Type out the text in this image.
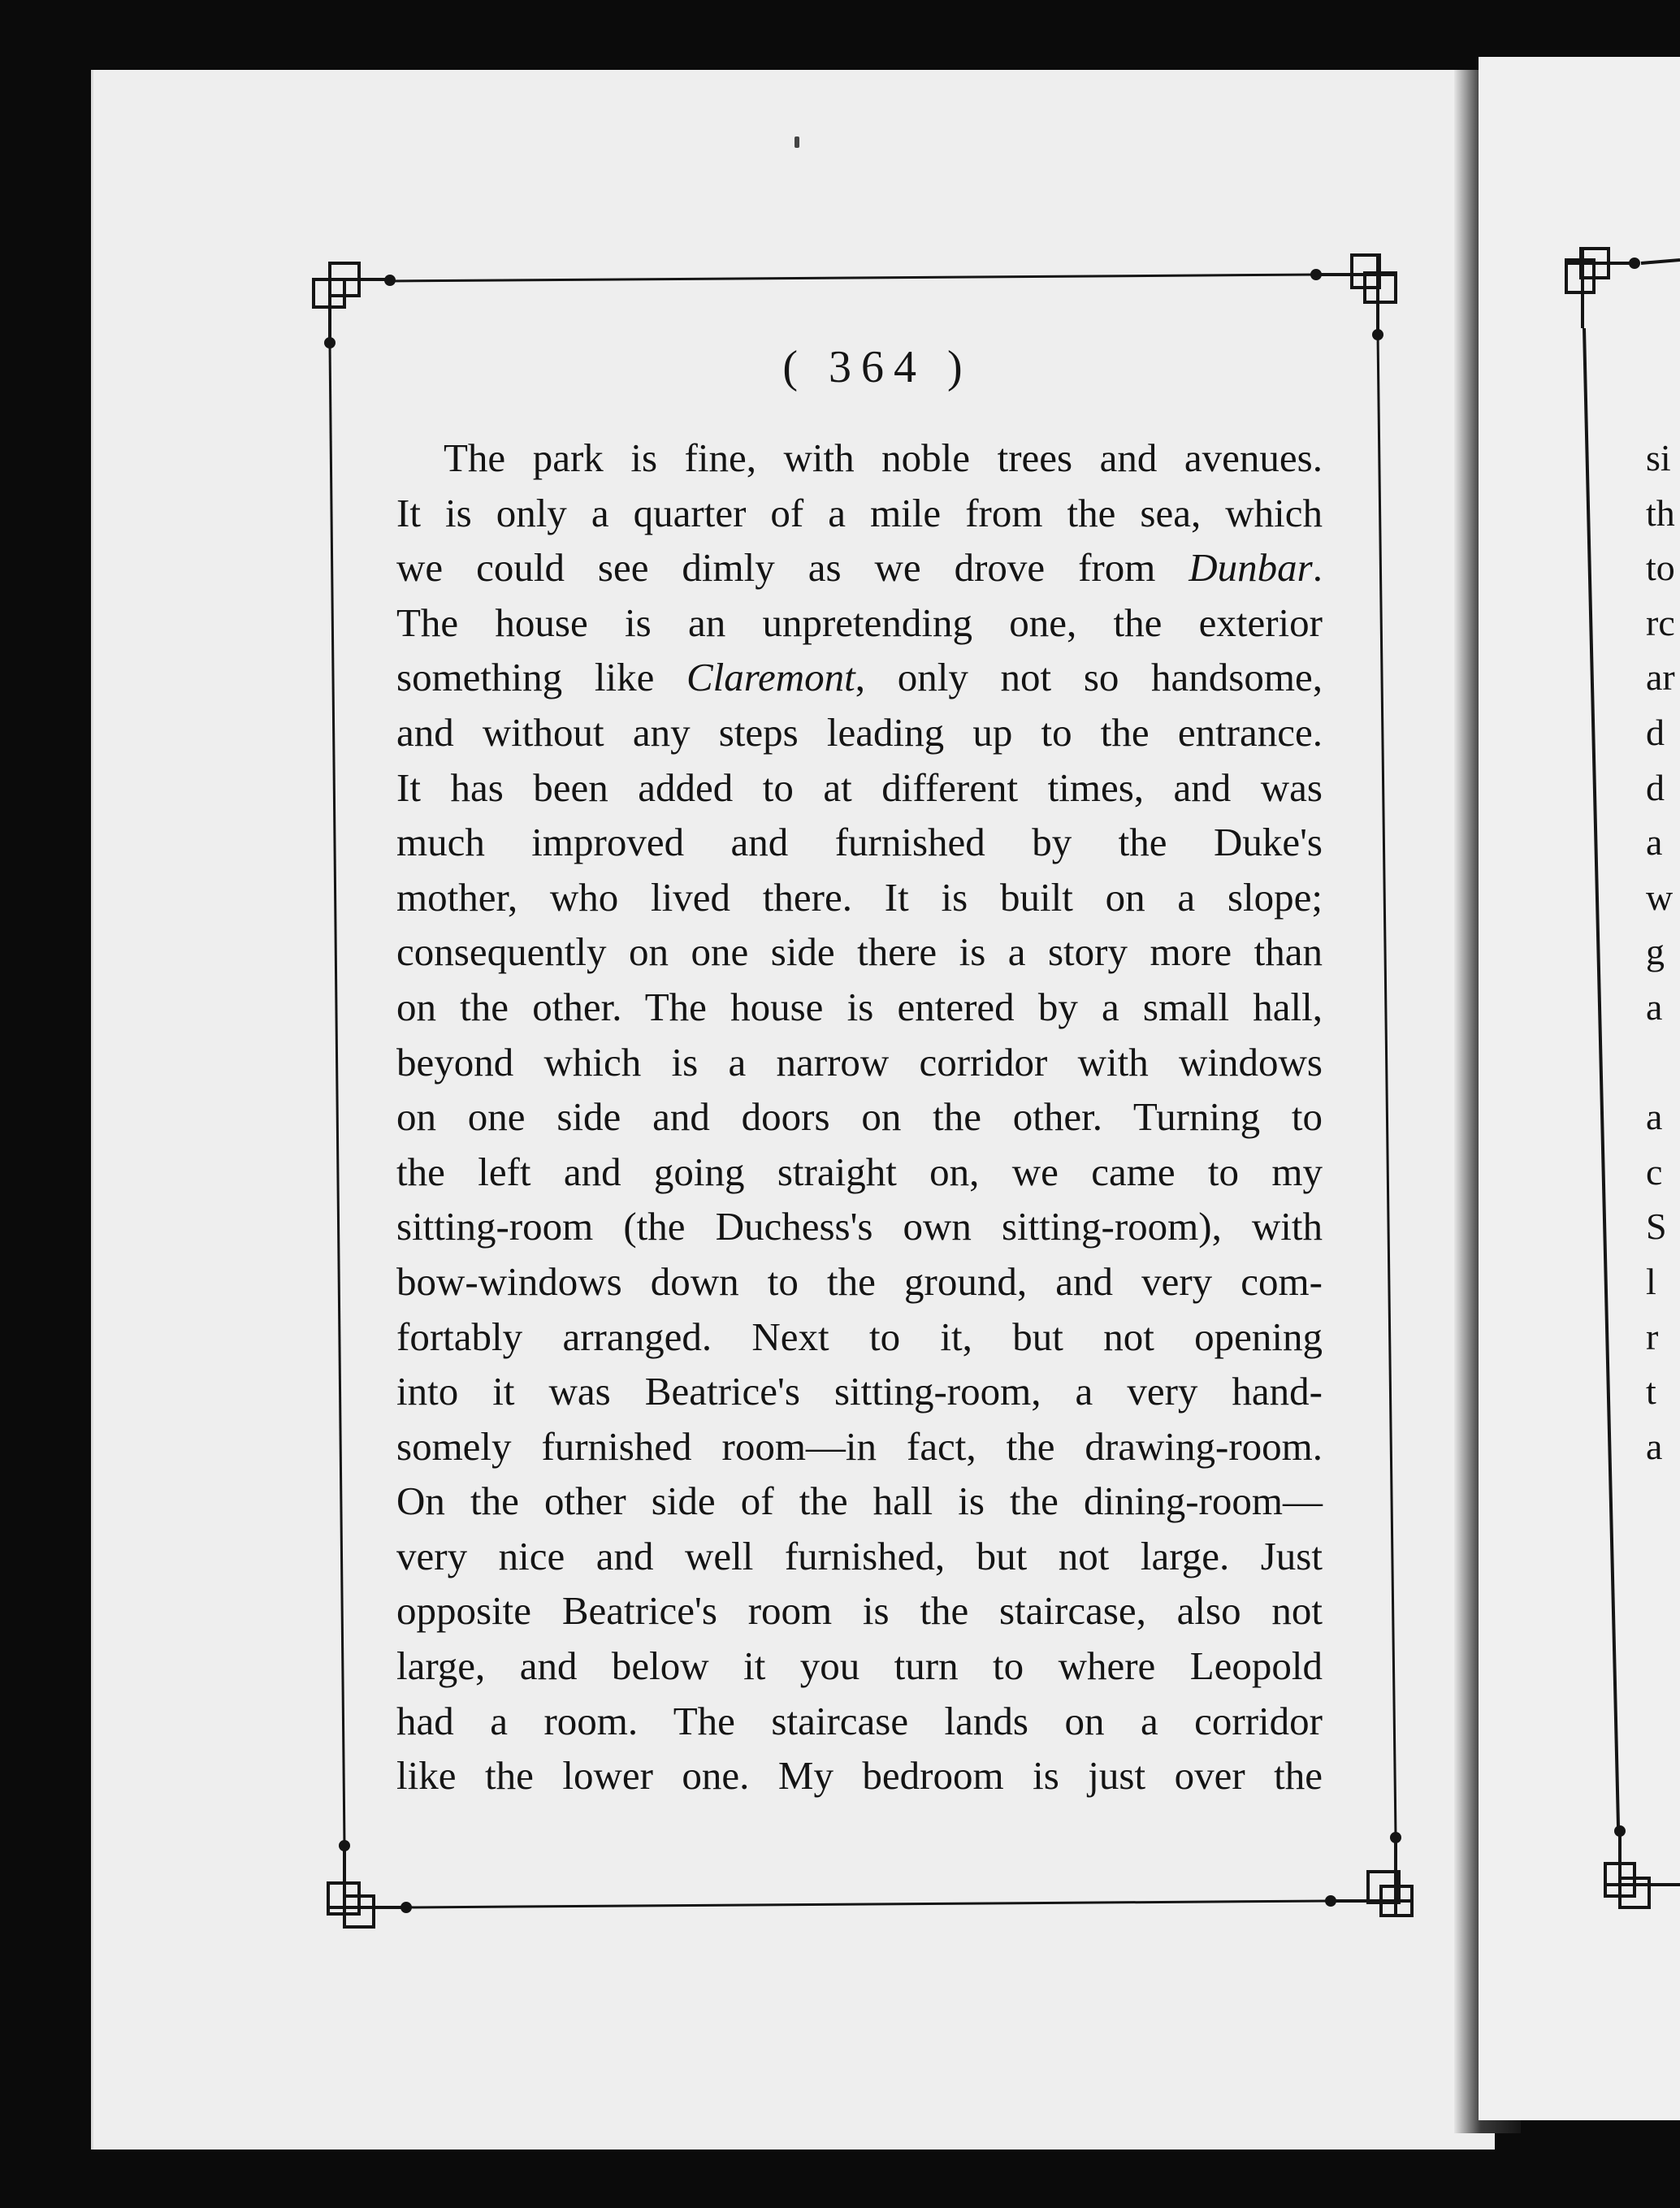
( 364 )
The park is fine, with noble trees and avenues.
It is only a quarter of a mile from the sea, which
we could see dimly as we drove from Dunbar.
The house is an unpretending one, the exterior
something like Claremont, only not so handsome,
and without any steps leading up to the entrance.
It has been added to at different times, and was
much improved and furnished by the Duke's
mother, who lived there. It is built on a slope;
consequently on one side there is a story more than
on the other. The house is entered by a small hall,
beyond which is a narrow corridor with windows
on one side and doors on the other. Turning to
the left and going straight on, we came to my
sitting-room (the Duchess's own sitting-room), with
bow-windows down to the ground, and very com-
fortably arranged. Next to it, but not opening
into it was Beatrice's sitting-room, a very hand-
somely furnished room—in fact, the drawing-room.
On the other side of the hall is the dining-room—
very nice and well furnished, but not large. Just
opposite Beatrice's room is the staircase, also not
large, and below it you turn to where Leopold
had a room. The staircase lands on a corridor
like the lower one. My bedroom is just over the
si
th
to
rc
ar
d
d
a
w
g
a
a
c
S
l
r
t
a
